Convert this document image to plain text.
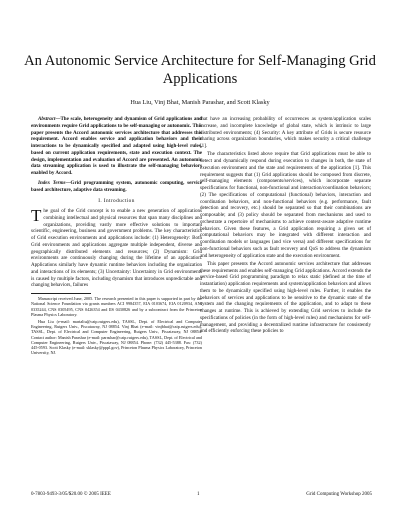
An Autonomic Service Architecture for Self-Managing Grid Applications
Hua Liu, Vinj Bhat, Manish Parashar, and Scott Klasky

Abstract—The scale, heterogeneity and dynamism of Grid applications and environments require Grid applications to be self-managing or autonomic. This paper presents the Accord autonomic services architecture that addresses this requirement. Accord enables service and application behaviors and their interactions to be dynamically specified and adapted using high-level rules, based on current application requirements, state and execution context. The design, implementation and evaluation of Accord are presented. An autonomic data streaming application is used to illustrate the self-managing behaviors enabled by Accord.

Index Terms—Grid programming system, autonomic computing, service based architecture, adaptive data streaming.

I. Introduction

The goal of the Grid concept is to enable a new generation of applications combining intellectual and physical resources that span many disciplines and organizations, providing vastly more effective solutions to important scientific, engineering, business and government problems. The key characteristics of Grid execution environments and applications include: (1) Heterogeneity: Both Grid environments and applications aggregate multiple independent, diverse and geographically distributed elements and resources; (2) Dynamism: Grid environments are continuously changing during the lifetime of an application. Applications similarly have dynamic runtime behaviors including the organization and interactions of its elements; (3) Uncertainty: Uncertainty in Grid environments is caused by multiple factors, including dynamism that introduces unpredictable and changing behaviors, failures

Manuscript received June, 2005. The research presented in this paper is supported in part by the National Science Foundation via grants numbers ACI 9984357, EIA 0103674, EIA 0120934, ANI 0335244, CNS 0305495, CNS 0426354 and IIS 0430826 and by a subcontract from the Princeton Plasma Physics Laboratory.

Hua Liu (e-mail: marialiu@caip.rutgers.edu), TASSL, Dept. of Electrical and Computer Engineering, Rutgers Univ., Piscataway, NJ 08854. Vinj Bhat (e-mail: vinjbhat@caip.rutgers.edu), TASSL, Dept. of Electrical and Computer Engineering, Rutgers Univ., Piscataway, NJ 08854. Contact author: Manish Parashar (e-mail: parashar@caip.rutgers.edu), TASSL, Dept. of Electrical and Computer Engineering, Rutgers Univ., Piscataway, NJ 08854. Phone: (732) 445-5388. Fax: (732) 445-0593. Scott Klasky (e-mail: sklasky@pppl.gov), Princeton Plasma Physics Laboratory, Princeton University, NJ.

that have an increasing probability of occurrences as system/application scales increase, and incomplete knowledge of global state, which is intrinsic to large distributed environments; (4) Security: A key attribute of Grids is secure resource sharing across organization boundaries, which makes security a critical challenge [1].

The characteristics listed above require that Grid applications must be able to detect and dynamically respond during execution to changes in both, the state of execution environment and the state and requirements of the application [1]. This requirement suggests that (1) Grid applications should be composed from discrete, self-managing elements (components/services), which incorporate separate specifications for functional, non-functional and interaction/coordination behaviors; (2) The specifications of computational (functional) behaviors, interaction and coordination behaviors, and non-functional behaviors (e.g. performance, fault detection and recovery, etc.) should be separated so that their combinations are composable; and (3) policy should be separated from mechanisms and used to orchestrate a repertoire of mechanisms to achieve context-aware adaptive runtime behaviors. Given these features, a Grid application requiring a given set of computational behaviors may be integrated with different interaction and coordination models or languages (and vice versa) and different specifications for non-functional behaviors such as fault recovery and QoS to address the dynamism and heterogeneity of application state and the execution environment.

This paper presents the Accord autonomic services architecture that addresses these requirements and enables self-managing Grid applications. Accord extends the service-based Grid programming paradigm to relax static (defined at the time of instantiation) application requirements and system/application behaviors and allows them to be dynamically specified using high-level rules. Further, it enables the behaviors of services and applications to be sensitive to the dynamic state of the system and the changing requirements of the application, and to adapt to these changes at runtime. This is achieved by extending Grid services to include the specifications of policies (in the form of high-level rules) and mechanisms for self-management, and providing a decentralized runtime infrastructure for consistently and efficiently enforcing these policies to

0-7803-9493-3/05/$20.00 © 2005 IEEE	1	Grid Computing Workshop 2005
